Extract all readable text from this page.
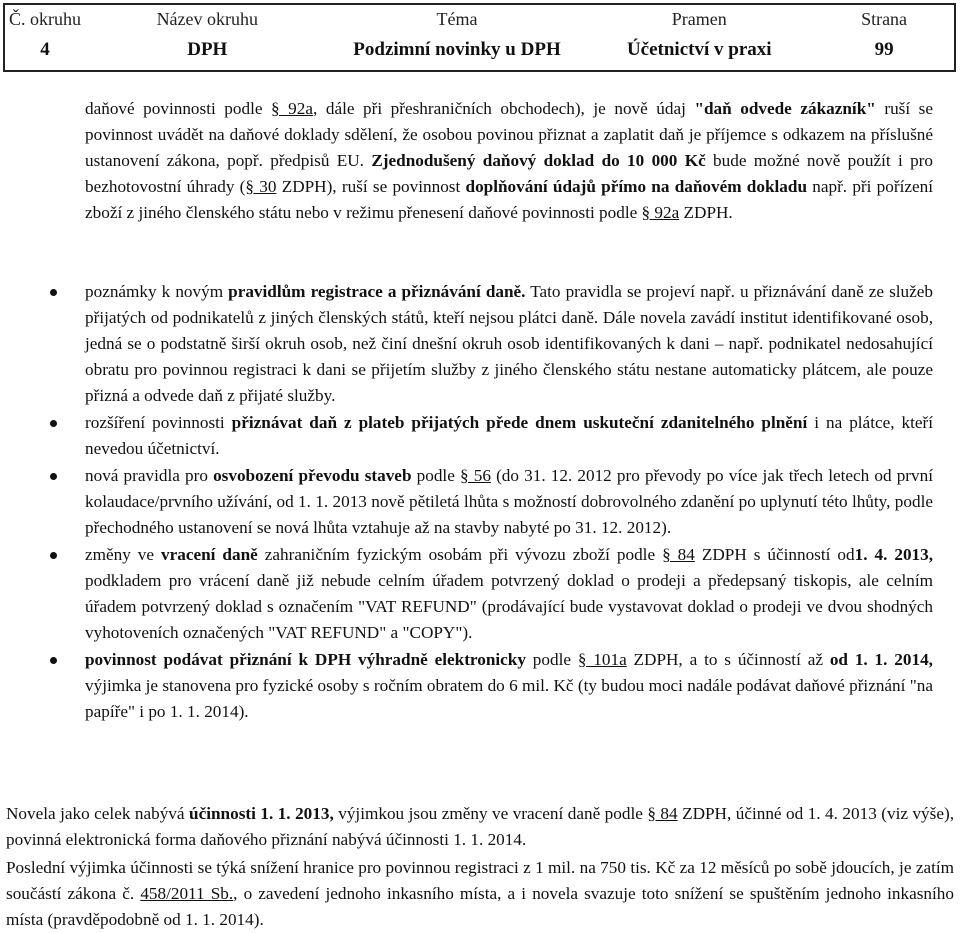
Č. okruhu	Název okruhu	Téma	Pramen	Strana
4	DPH	Podzimní novinky u DPH	Účetnictví v praxi	99
daňové povinnosti podle § 92a, dále při přeshraničních obchodech), je nově údaj "daň odvede zákazník" ruší se povinnost uvádět na daňové doklady sdělení, že osobou povinou přiznat a zaplatit daň je příjemce s odkazem na příslušné ustanovení zákona, popř. předpisů EU. Zjednodušený daňový doklad do 10 000 Kč bude možné nově použít i pro bezhotovostní úhrady (§ 30 ZDPH), ruší se povinnost doplňování údajů přímo na daňovém dokladu např. při pořízení zboží z jiného členského státu nebo v režimu přenesení daňové povinnosti podle § 92a ZDPH.
poznámky k novým pravidlům registrace a přiznávání daně. Tato pravidla se projeví např. u přiznávání daně ze služeb přijatých od podnikatelů z jiných členských států, kteří nejsou plátci daně. Dále novela zavádí institut identifikované osob, jedná se o podstatně širší okruh osob, než činí dnešní okruh osob identifikovaných k dani – např. podnikatel nedosahující obratu pro povinnou registraci k dani se přijetím služby z jiného členského státu nestane automaticky plátcem, ale pouze přizná a odvede daň z přijaté služby.
rozšíření povinnosti přiznávat daň z plateb přijatých přede dnem uskuteční zdanitelného plnění i na plátce, kteří nevedou účetnictví.
nová pravidla pro osvobození převodu staveb podle § 56 (do 31. 12. 2012 pro převody po více jak třech letech od první kolaudace/prvního užívání, od 1. 1. 2013 nově pětiletá lhůta s možností dobrovolného zdanění po uplynutí této lhůty, podle přechodného ustanovení se nová lhůta vztahuje až na stavby nabyté po 31. 12. 2012).
změny ve vracení daně zahraničním fyzickým osobám při vývozu zboží podle § 84 ZDPH s účinností od1. 4. 2013, podkladem pro vrácení daně již nebude celním úřadem potvrzený doklad o prodeji a předepsaný tiskopis, ale celním úřadem potvrzený doklad s označením "VAT REFUND" (prodávající bude vystavovat doklad o prodeji ve dvou shodných vyhotoveních označených "VAT REFUND" a "COPY").
povinnost podávat přiznání k DPH výhradně elektronicky podle § 101a ZDPH, a to s účinností až od 1. 1. 2014, výjimka je stanovena pro fyzické osoby s ročním obratem do 6 mil. Kč (ty budou moci nadále podávat daňové přiznání "na papíře" i po 1. 1. 2014).
Novela jako celek nabývá účinnosti 1. 1. 2013, výjimkou jsou změny ve vracení daně podle § 84 ZDPH, účinné od 1. 4. 2013 (viz výše), povinná elektronická forma daňového přiznání nabývá účinnosti 1. 1. 2014.
Poslední výjimka účinnosti se týká snížení hranice pro povinnou registraci z 1 mil. na 750 tis. Kč za 12 měsíců po sobě jdoucích, je zatím součástí zákona č. 458/2011 Sb., o zavedení jednoho inkasního místa, a i novela svazuje toto snížení se spuštěním jednoho inkasního místa (pravděpodobně od 1. 1. 2014).
